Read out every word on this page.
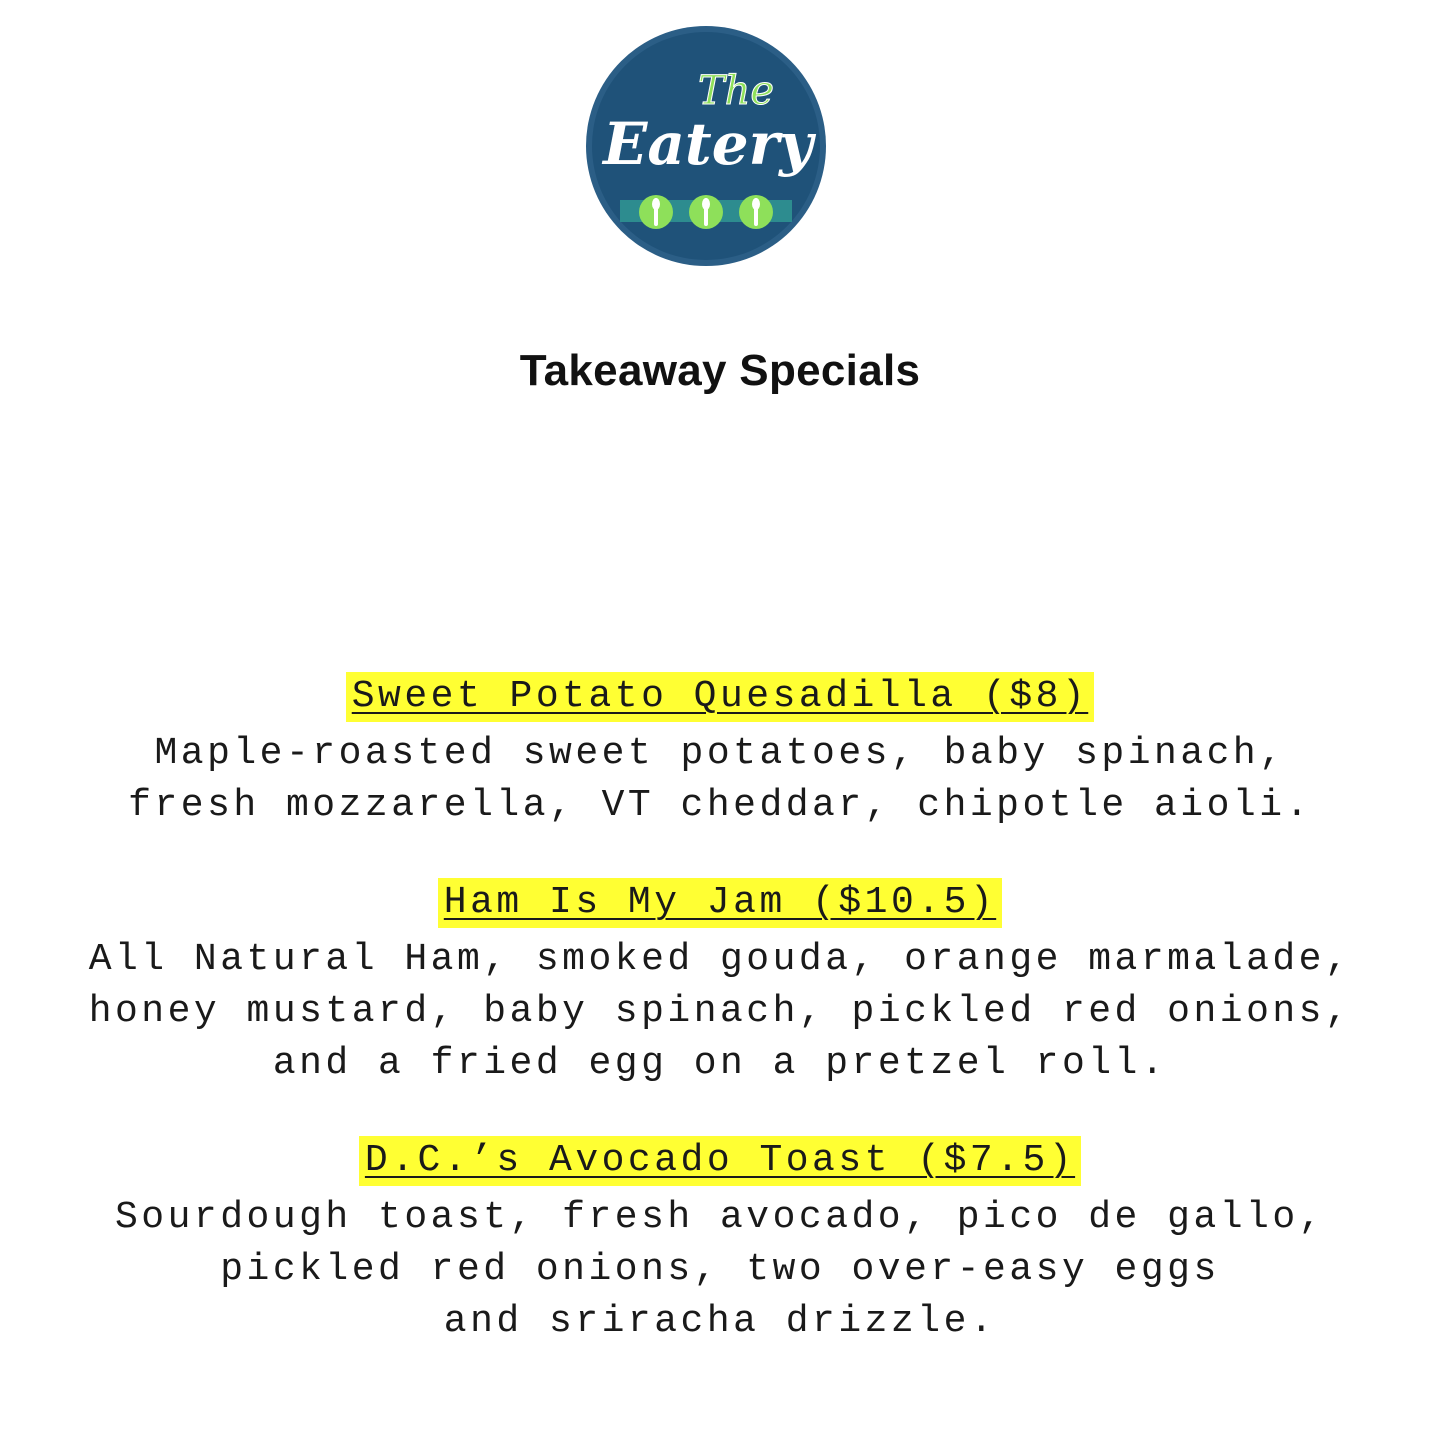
The
Eatery
Takeaway Specials
Sweet Potato Quesadilla ($8)
Maple-roasted sweet potatoes, baby spinach,
fresh mozzarella, VT cheddar, chipotle aioli.
Ham Is My Jam ($10.5)
All Natural Ham, smoked gouda, orange marmalade,
honey mustard, baby spinach, pickled red onions,
and a fried egg on a pretzel roll.
D.C.’s Avocado Toast ($7.5)
Sourdough toast, fresh avocado, pico de gallo,
pickled red onions, two over-easy eggs
and sriracha drizzle.
